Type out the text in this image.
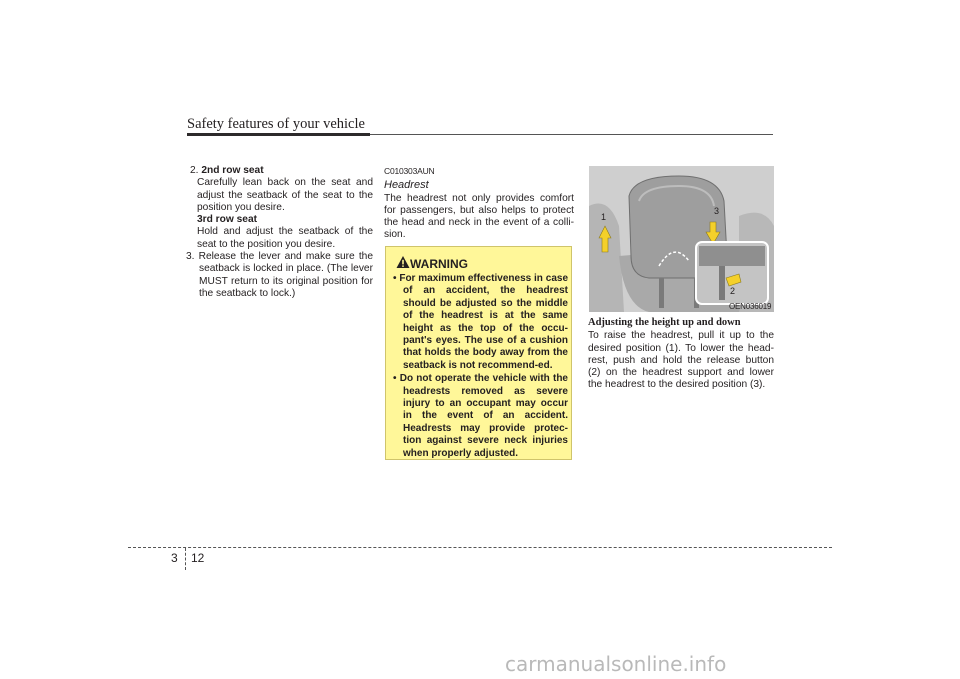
Safety features of your vehicle
2. 2nd row seat
Carefully lean back on the seat and adjust the seatback of the seat to the position you desire.
3rd row seat
Hold and adjust the seatback of the seat to the position you desire.
3. Release the lever and make sure the seatback is locked in place. (The lever MUST return to its original position for the seatback to lock.)
C010303AUN
Headrest
The headrest not only provides comfort for passengers, but also helps to protect the head and neck in the event of a colli-sion.
WARNING
• For maximum effectiveness in case of an accident, the headrest should be adjusted so the middle of the headrest is at the same height as the top of the occu-pant's eyes. The use of a cushion that holds the body away from the seatback is not recommend-ed.
• Do not operate the vehicle with the headrests removed as severe injury to an occupant may occur in the event of an accident. Headrests may provide protec-tion against severe neck injuries when properly adjusted.
1
3
2
OEN036019
Adjusting the height up and down
To raise the headrest, pull it up to the desired position (1). To lower the head-rest, push and hold the release button (2) on the headrest support and lower the headrest to the desired position (3).
3 12
carmanualsonline.info
